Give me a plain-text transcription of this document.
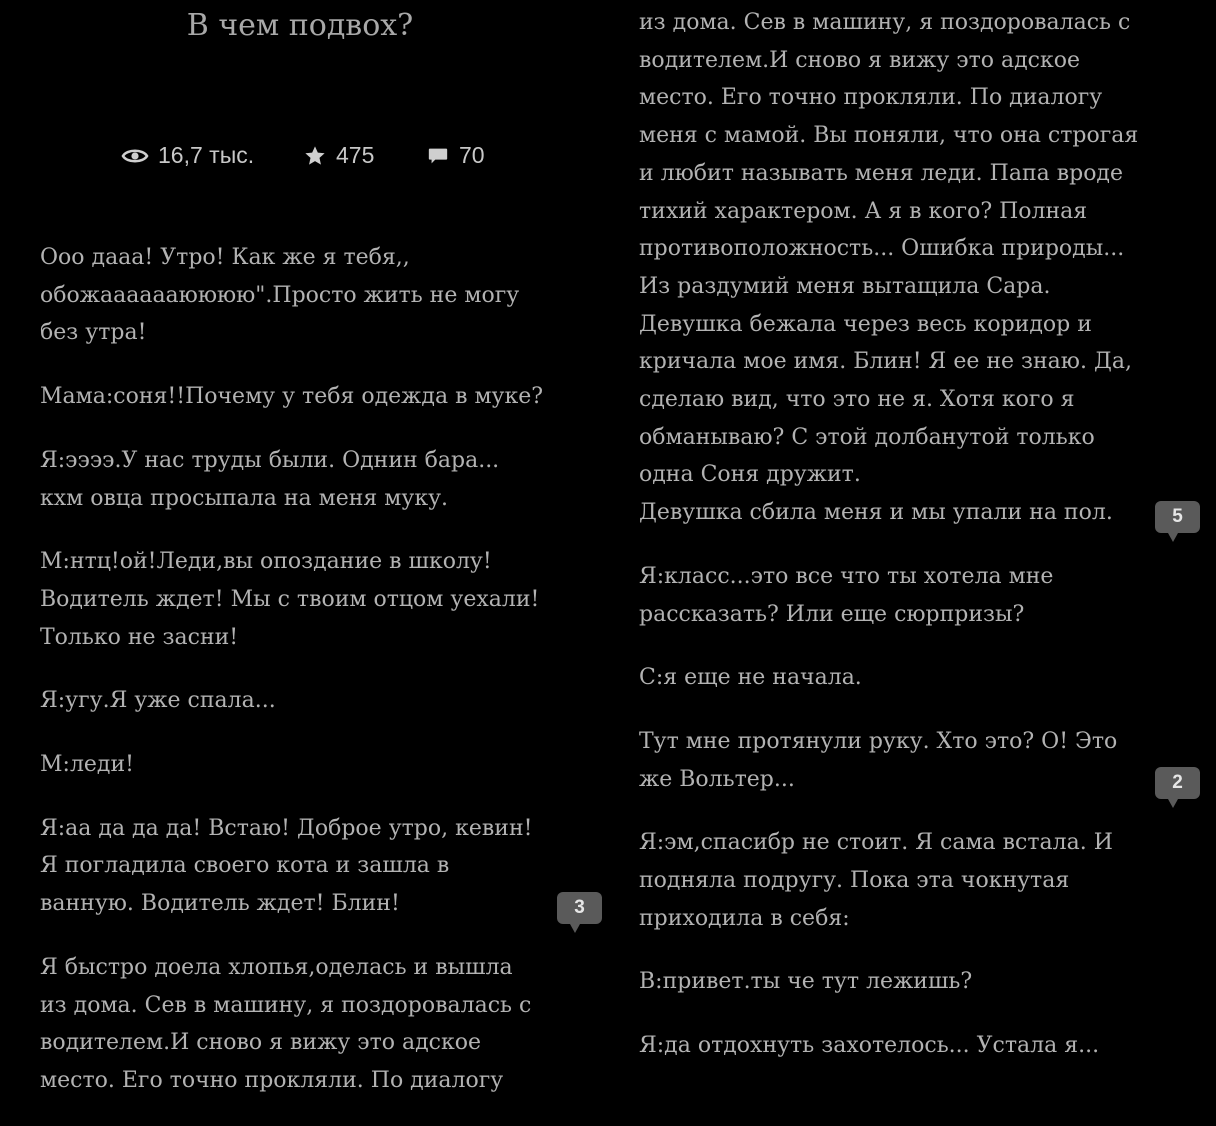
В чем подвох?
16,7 тыс.	475	70

Ооо дааа! Утро! Как же я тебя,,
обожааааааюююю".Просто жить не могу
без утра!

Мама:соня!!Почему у тебя одежда в муке?

Я:ээээ.У нас труды были. Однин бара...
кхм овца просыпала на меня муку.

М:нтц!ой!Леди,вы опоздание в школу!
Водитель ждет! Мы с твоим отцом уехали!
Только не засни!

Я:угу.Я уже спала...

М:леди!

Я:аа да да да! Встаю! Доброе утро, кевин!
Я погладила своего кота и зашла в
ванную. Водитель ждет! Блин!

Я быстро доела хлопья,оделась и вышла
из дома. Сев в машину, я поздоровалась с
водителем.И сново я вижу это адское
место. Его точно прокляли. По диалогу

3

из дома. Сев в машину, я поздоровалась с
водителем.И сново я вижу это адское
место. Его точно прокляли. По диалогу
меня с мамой. Вы поняли, что она строгая
и любит называть меня леди. Папа вроде
тихий характером. А я в кого? Полная
противоположность... Ошибка природы...
Из раздумий меня вытащила Сара.
Девушка бежала через весь коридор и
кричала мое имя. Блин! Я ее не знаю. Да,
сделаю вид, что это не я. Хотя кого я
обманываю? С этой долбанутой только
одна Соня дружит.
Девушка сбила меня и мы упали на пол.

Я:класс...это все что ты хотела мне
рассказать? Или еще сюрпризы?

С:я еще не начала.

Тут мне протянули руку. Хто это? О! Это
же Вольтер...

Я:эм,спасибр не стоит. Я сама встала. И
подняла подругу. Пока эта чокнутая
приходила в себя:

В:привет.ты че тут лежишь?

Я:да отдохнуть захотелось... Устала я...

5
2
